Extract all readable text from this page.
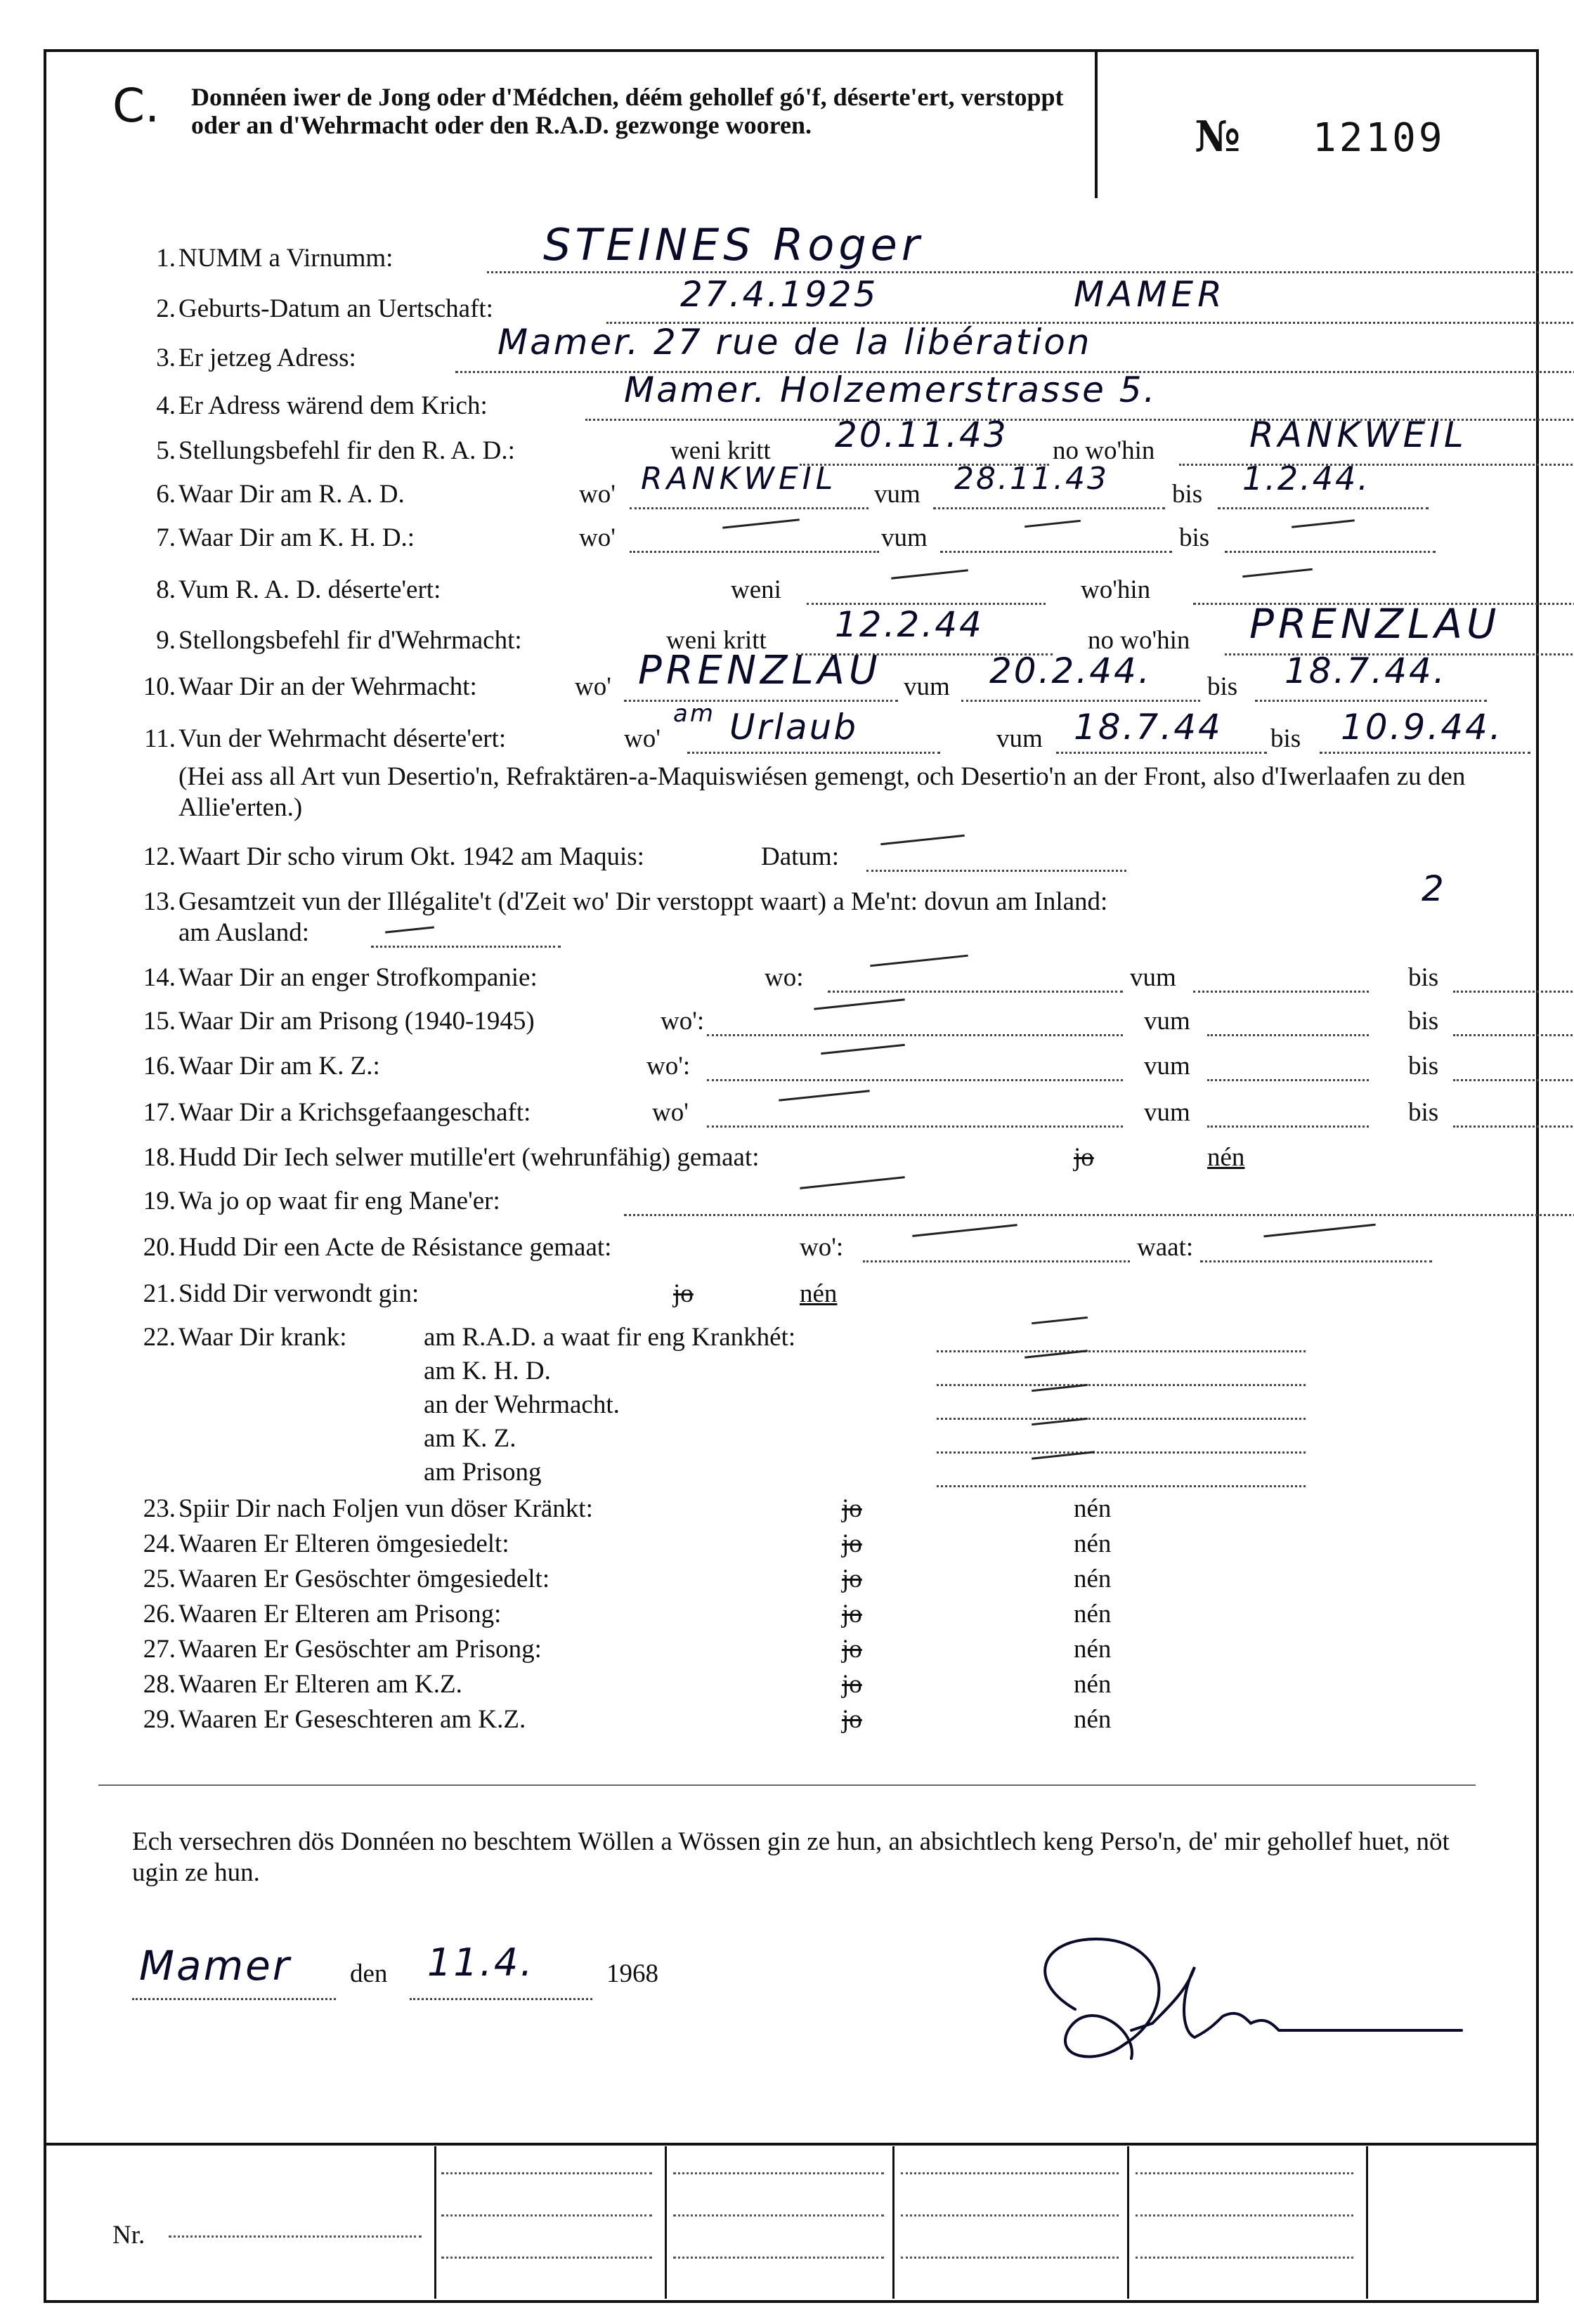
C. Donnéen iwer de Jong oder d'Médchen, déém gehollef gó'f, déserte'ert, verstoppt oder an d'Wehrmacht oder den R.A.D. gezwonge wooren.	№ 12109
1. NUMM a Virnumm:	STEINES Roger
2. Geburts-Datum an Uertschaft:	27.4.1925	MAMER
3. Er jetzeg Adress:	Mamer. 27 rue de la libération
4. Er Adress wärend dem Krich:	Mamer. Holzemerstrasse 5.
5. Stellungsbefehl fir den R. A. D.:	weni kritt 20.11.43 no wo'hin	RANKWEIL
6. Waar Dir am R. A. D.	wo' RANKWEIL vum 28.11.43 bis 1.2.44.
7. Waar Dir am K. H. D.:	wo'	vum	bis
8. Vum R. A. D. déserte'ert:	weni	wo'hin
9. Stellongsbefehl fir d'Wehrmacht:	weni kritt 12.2.44	no wo'hin PRENZLAU
10. Waar Dir an der Wehrmacht:	wo' PRENZLAU vum 20.2.44. bis 18.7.44.
11. Vun der Wehrmacht déserte'ert:	wo'
am Urlaub	vum 18.7.44 bis 10.9.44.
(Hei ass all Art vun Desertio'n, Refraktären-a-Maquiswiésen gemengt, och Desertio'n an der Front, also d'Iwerlaafen zu den Allie'erten.)
12. Waart Dir scho virum Okt. 1942 am Maquis:	Datum:
13. Gesamtzeit vun der Illégalite't (d'Zeit wo' Dir verstoppt waart) a Me'nt: dovun am Inland:	2
am Ausland:
14. Waar Dir an enger Strofkompanie:	wo:	vum	bis
15. Waar Dir am Prisong (1940-1945)	wo':	vum	bis
16. Waar Dir am K. Z.:	wo':	vum	bis
17. Waar Dir a Krichsgefaangeschaft:	wo'	vum	bis
18. Hudd Dir Iech selwer mutille'ert (wehrunfähig) gemaat:	jo	nén
19. Wa jo op waat fir eng Mane'er:
20. Hudd Dir een Acte de Résistance gemaat:	wo':	waat:
21. Sidd Dir verwondt gin:	jo	nén
22. Waar Dir krank:	am R.A.D. a waat fir eng Krankhét:
am K. H. D.
an der Wehrmacht.
am K. Z.
am Prisong
23. Spiir Dir nach Foljen vun döser Kränkt:	jo	nén
24. Waaren Er Elteren ömgesiedelt:	jo	nén
25. Waaren Er Gesöschter ömgesiedelt:	jo	nén
26. Waaren Er Elteren am Prisong:	jo	nén
27. Waaren Er Gesöschter am Prisong:	jo	nén
28. Waaren Er Elteren am K.Z.	jo	nén
29. Waaren Er Geseschteren am K.Z.	jo	nén
Ech versechren dös Donnéen no beschtem Wöllen a Wössen gin ze hun, an absichtlech keng Perso'n, de' mir gehollef huet, nöt ugin ze hun.
Mamer den 11.4.	1968
Nr.
